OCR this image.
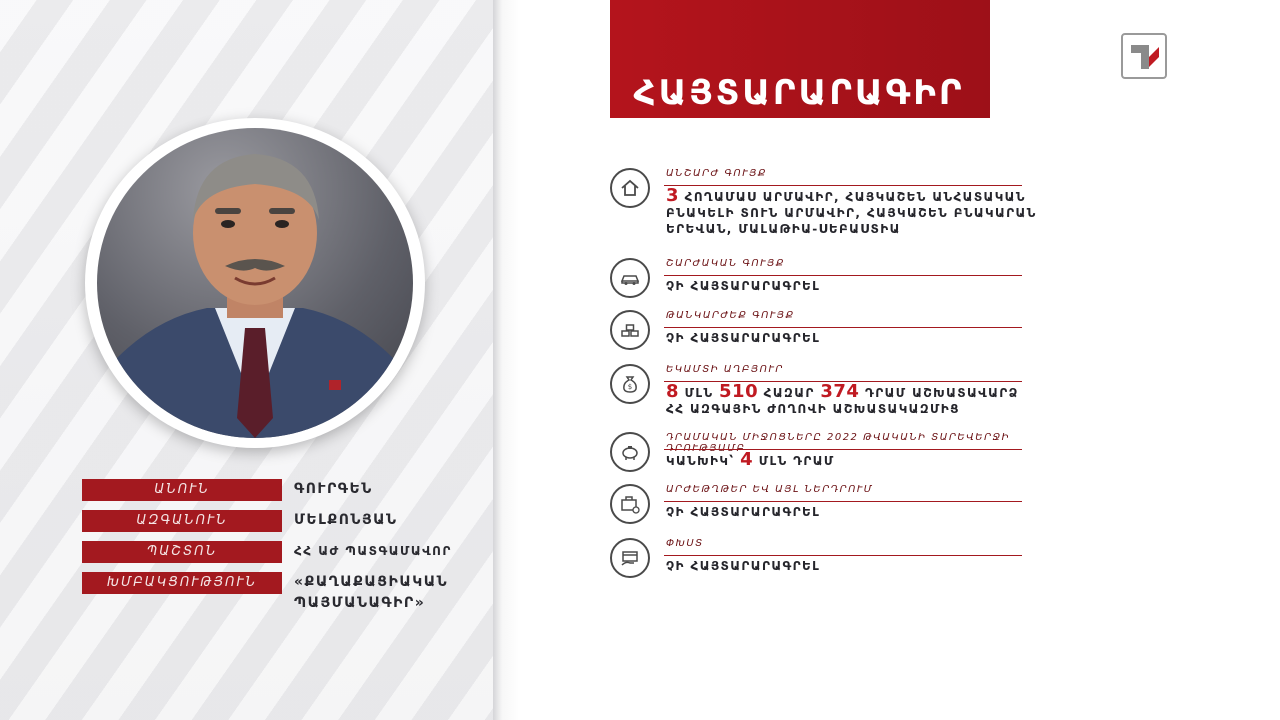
ԱՆՈՒՆ	ԳՈՒՐԳԵՆ
ԱԶԳԱՆՈՒՆ	ՄԵԼՔՈՆՅԱՆ
ՊԱՇՏՈՆ	ՀՀ ԱԺ ՊԱՏԳԱՄԱՎՈՐ
ԽՄԲԱԿՑՈՒԹՅՈՒՆ	«ՔԱՂԱՔԱՑԻԱԿԱՆ
ՊԱՅՄԱՆԱԳԻՐ»
ՀԱՅՏԱՐԱՐԱԳԻՐ
ԱՆՇԱՐԺ ԳՈՒՅՔ
3 ՀՈՂԱՄԱՍ ԱՐՄԱՎԻՐ, ՀԱՅԿԱՇԵՆ ԱՆՀԱՏԱԿԱՆ ԲՆԱԿԵԼԻ ՏՈՒՆ ԱՐՄԱՎԻՐ, ՀԱՅԿԱՇԵՆ ԲՆԱԿԱՐԱՆ ԵՐԵՎԱՆ, ՄԱԼԱԹԻԱ-ՍԵԲԱՍՏԻԱ
ՇԱՐԺԱԿԱՆ ԳՈՒՅՔ
ՉԻ ՀԱՅՏԱՐԱՐԱԳՐԵԼ
ԹԱՆԿԱՐԺԵՔ ԳՈՒՅՔ
ՉԻ ՀԱՅՏԱՐԱՐԱԳՐԵԼ
$
ԵԿԱՄՏԻ ԱՂԲՅՈՒՐ
8 ՄԼՆ 510 ՀԱԶԱՐ 374 ԴՐԱՄ ԱՇԽԱՏԱՎԱՐՁ
ՀՀ ԱԶԳԱՅԻՆ ԺՈՂՈՎԻ ԱՇԽԱՏԱԿԱԶՄԻՑ
ԴՐԱՄԱԿԱՆ ՄԻՋՈՑՆԵՐԸ 2022 ԹՎԱԿԱՆԻ ՏԱՐԵՎԵՐՋԻ
ԿԱՆԽԻԿ՝ 4 ՄԼՆ ԴՐԱՄ
ԱՐԺԵԹՂԹԵՐ ԵՎ ԱՅԼ ՆԵՐԴՐՈՒՄ
ՉԻ ՀԱՅՏԱՐԱՐԱԳՐԵԼ
ՓԽՍՏ
ՉԻ ՀԱՅՏԱՐԱՐԱԳՐԵԼ
